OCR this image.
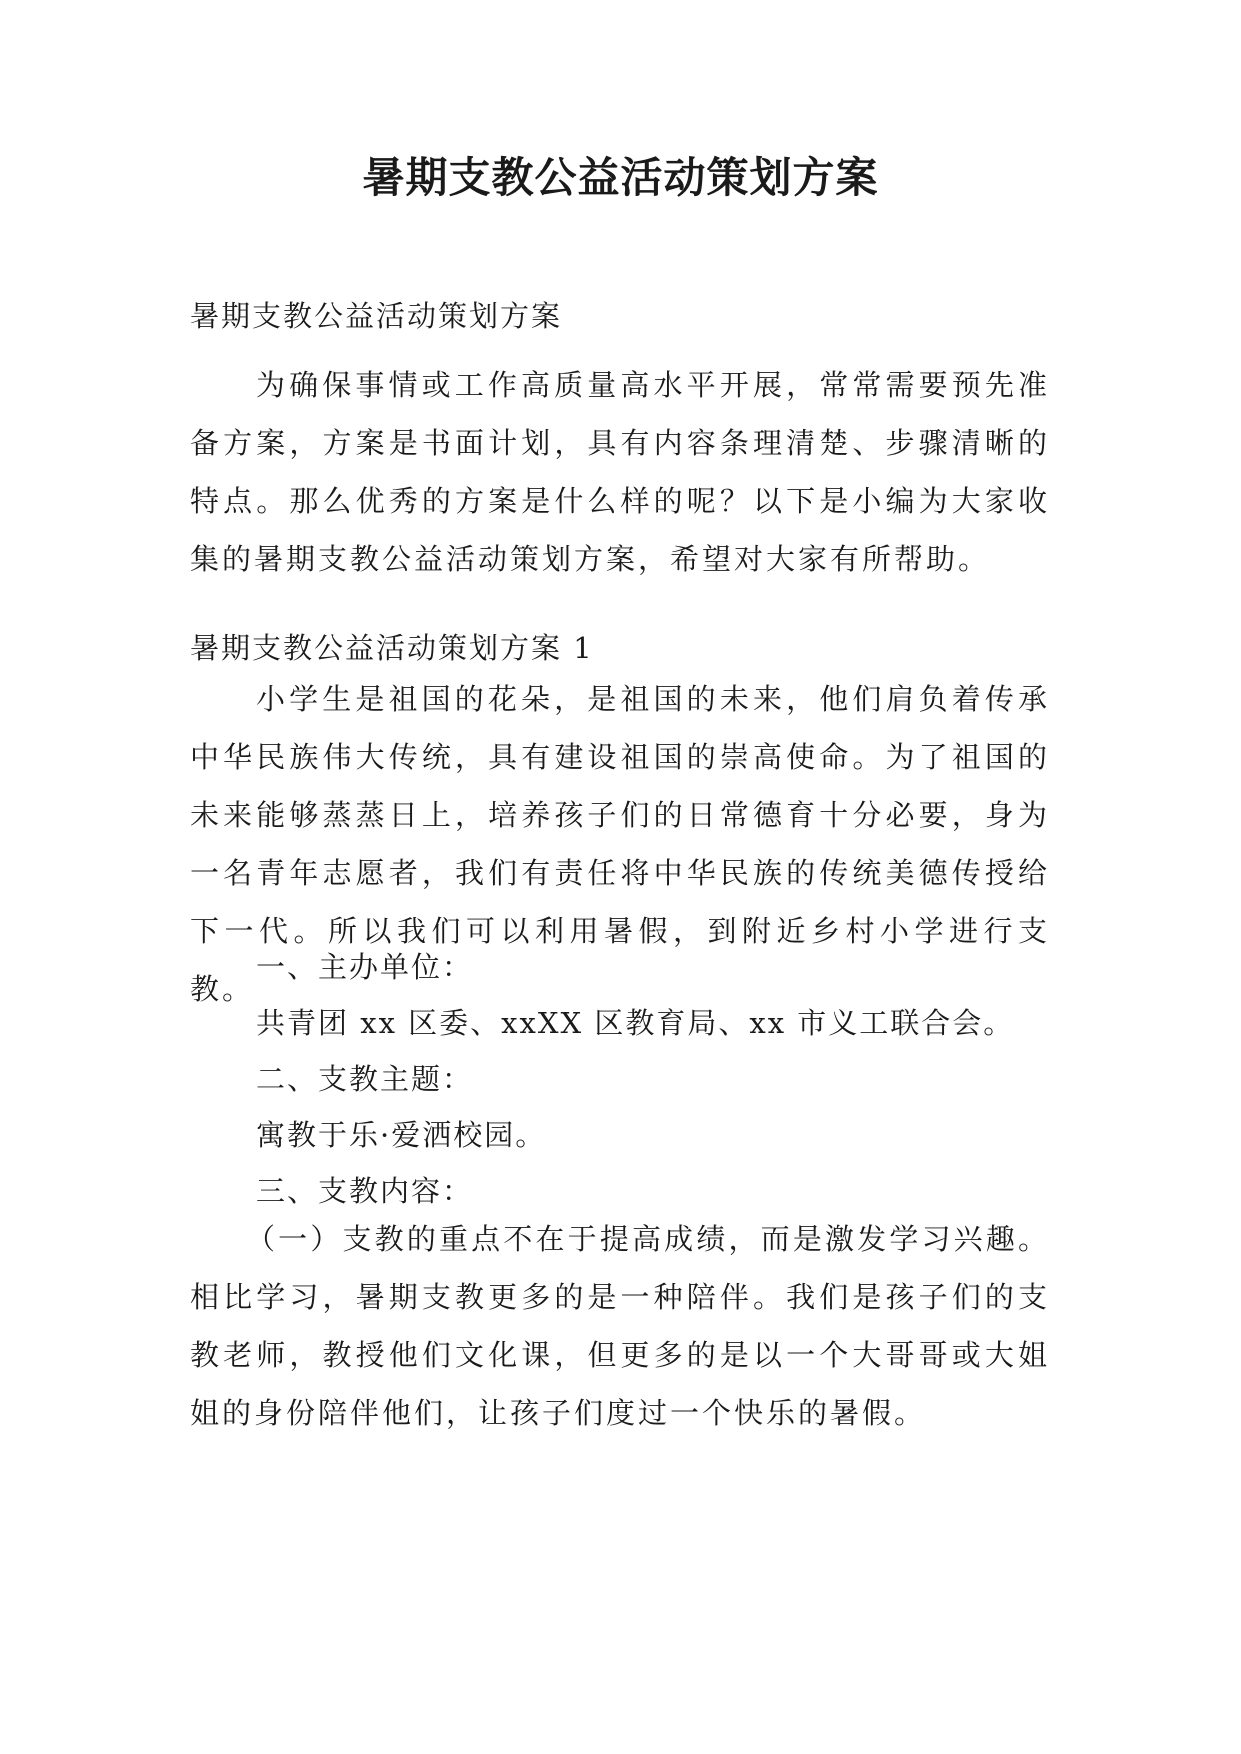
暑期支教公益活动策划方案

暑期支教公益活动策划方案

为确保事情或工作高质量高水平开展，常常需要预先准备方案，方案是书面计划，具有内容条理清楚、步骤清晰的特点。那么优秀的方案是什么样的呢？以下是小编为大家收集的暑期支教公益活动策划方案，希望对大家有所帮助。

暑期支教公益活动策划方案 1

小学生是祖国的花朵，是祖国的未来，他们肩负着传承中华民族伟大传统，具有建设祖国的崇高使命。为了祖国的未来能够蒸蒸日上，培养孩子们的日常德育十分必要，身为一名青年志愿者，我们有责任将中华民族的传统美德传授给下一代。所以我们可以利用暑假，到附近乡村小学进行支教。

一、主办单位：

共青团 xx 区委、xxXX 区教育局、xx 市义工联合会。

二、支教主题：

寓教于乐·爱洒校园。

三、支教内容：

（一）支教的重点不在于提高成绩，而是激发学习兴趣。相比学习，暑期支教更多的是一种陪伴。我们是孩子们的支教老师，教授他们文化课，但更多的是以一个大哥哥或大姐姐的身份陪伴他们，让孩子们度过一个快乐的暑假。
